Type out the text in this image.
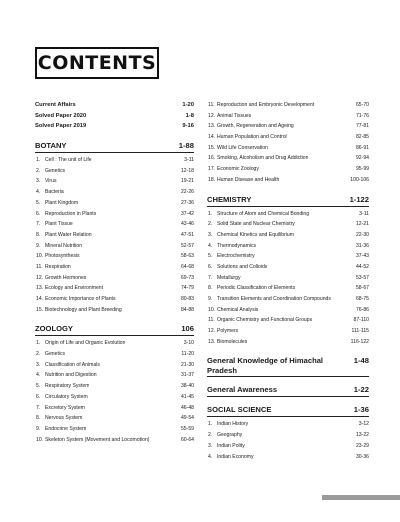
CONTENTS
Current Affairs	1-20
Solved Paper 2020	1-8
Solved Paper 2019	9-16
BOTANY	1-88
1. Cell : The unit of Life	3-11
2. Genetics	12-18
3. Virus	19-21
4. Bacteria	22-26
5. Plant Kingdom	27-36
6. Reproduction in Plants	37-42
7. Plant Tissue	43-46
8. Plant Water Relation	47-51
9. Mineral Nutrition	52-57
10. Photosynthesis	58-63
11. Respiration	64-68
12. Growth Hormones	69-73
13. Ecology and Environment	74-79
14. Economic Importance of Plants	80-83
15. Biotechnology and Plant Breeding	84-88
ZOOLOGY	106
1. Origin of Life and Organic Evolution	3-10
2. Genetics	11-20
3. Classification of Animals	21-30
4. Nutrition and Digestion	31-37
5. Respiratory System	38-40
6. Circulatory System	41-45
7. Excretory System	46-48
8. Nervous System	49-54
9. Endocrine System	55-59
10. Skeleton System (Movement and Locomotion)	60-64
11. Reproduction and Embryonic Development	65-70
12. Animal Tissues	71-76
13. Growth, Regeneration and Ageing	77-81
14. Human Population and Control	82-85
15. Wild Life Conservation	86-91
16. Smoking, Alcoholism and Drug Addiction	92-94
17. Economic Zoology	95-99
18. Human Disease and Health	100-106
CHEMISTRY	1-122
1. Structure of Atom and Chemical Bonding	3-11
2. Solid State and Nuclear Chemistry	12-21
3. Chemical Kinetics and Equilibrium	22-30
4. Thermodynamics	31-36
5. Electrochemistry	37-43
6. Solutions and Colloids	44-52
7. Metallurgy	53-57
8. Periodic Classification of Elements	58-67
9. Transition Elements and Coordination Compounds	68-75
10. Chemical Analysis	76-86
11. Organic Chemistry and Functional Groups	87-110
12. Polymers	111-115
13. Biomolecules	116-122
General Knowledge of Himachal Pradesh
1-48
General Awareness	1-22
SOCIAL SCIENCE	1-36
1. Indian History	3-12
2. Geography	13-22
3. Indian Polity	23-29
4. Indian Economy	30-36
